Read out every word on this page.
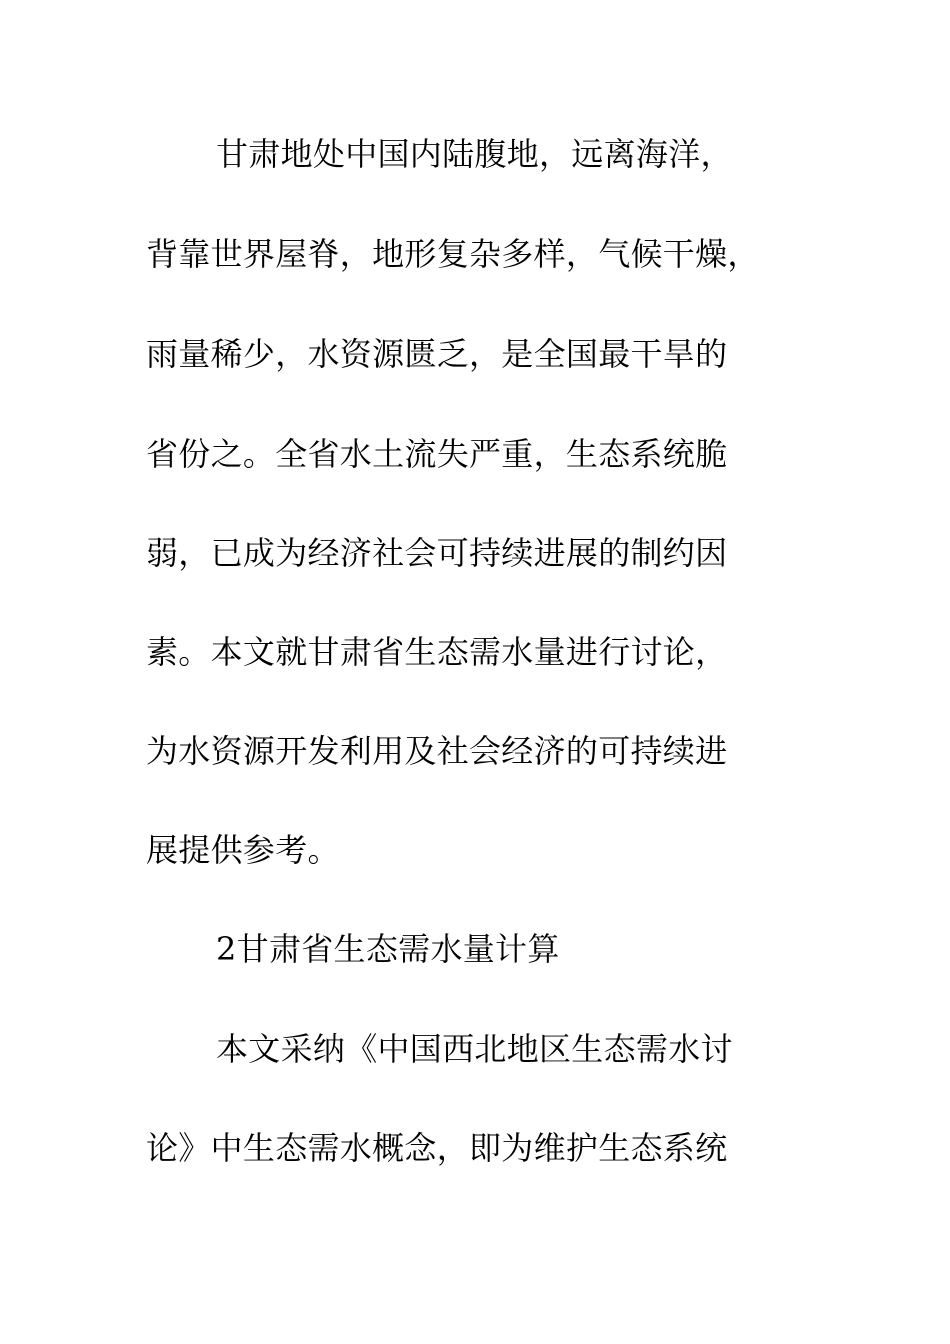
甘肃地处中国内陆腹地，远离海洋，
背靠世界屋脊，地形复杂多样，气候干燥，
雨量稀少，水资源匮乏，是全国最干旱的
省份之。全省水土流失严重，生态系统脆
弱，已成为经济社会可持续进展的制约因
素。本文就甘肃省生态需水量进行讨论，
为水资源开发利用及社会经济的可持续进
展提供参考。
2甘肃省生态需水量计算
本文采纳《中国西北地区生态需水讨
论》中生态需水概念，即为维护生态系统
